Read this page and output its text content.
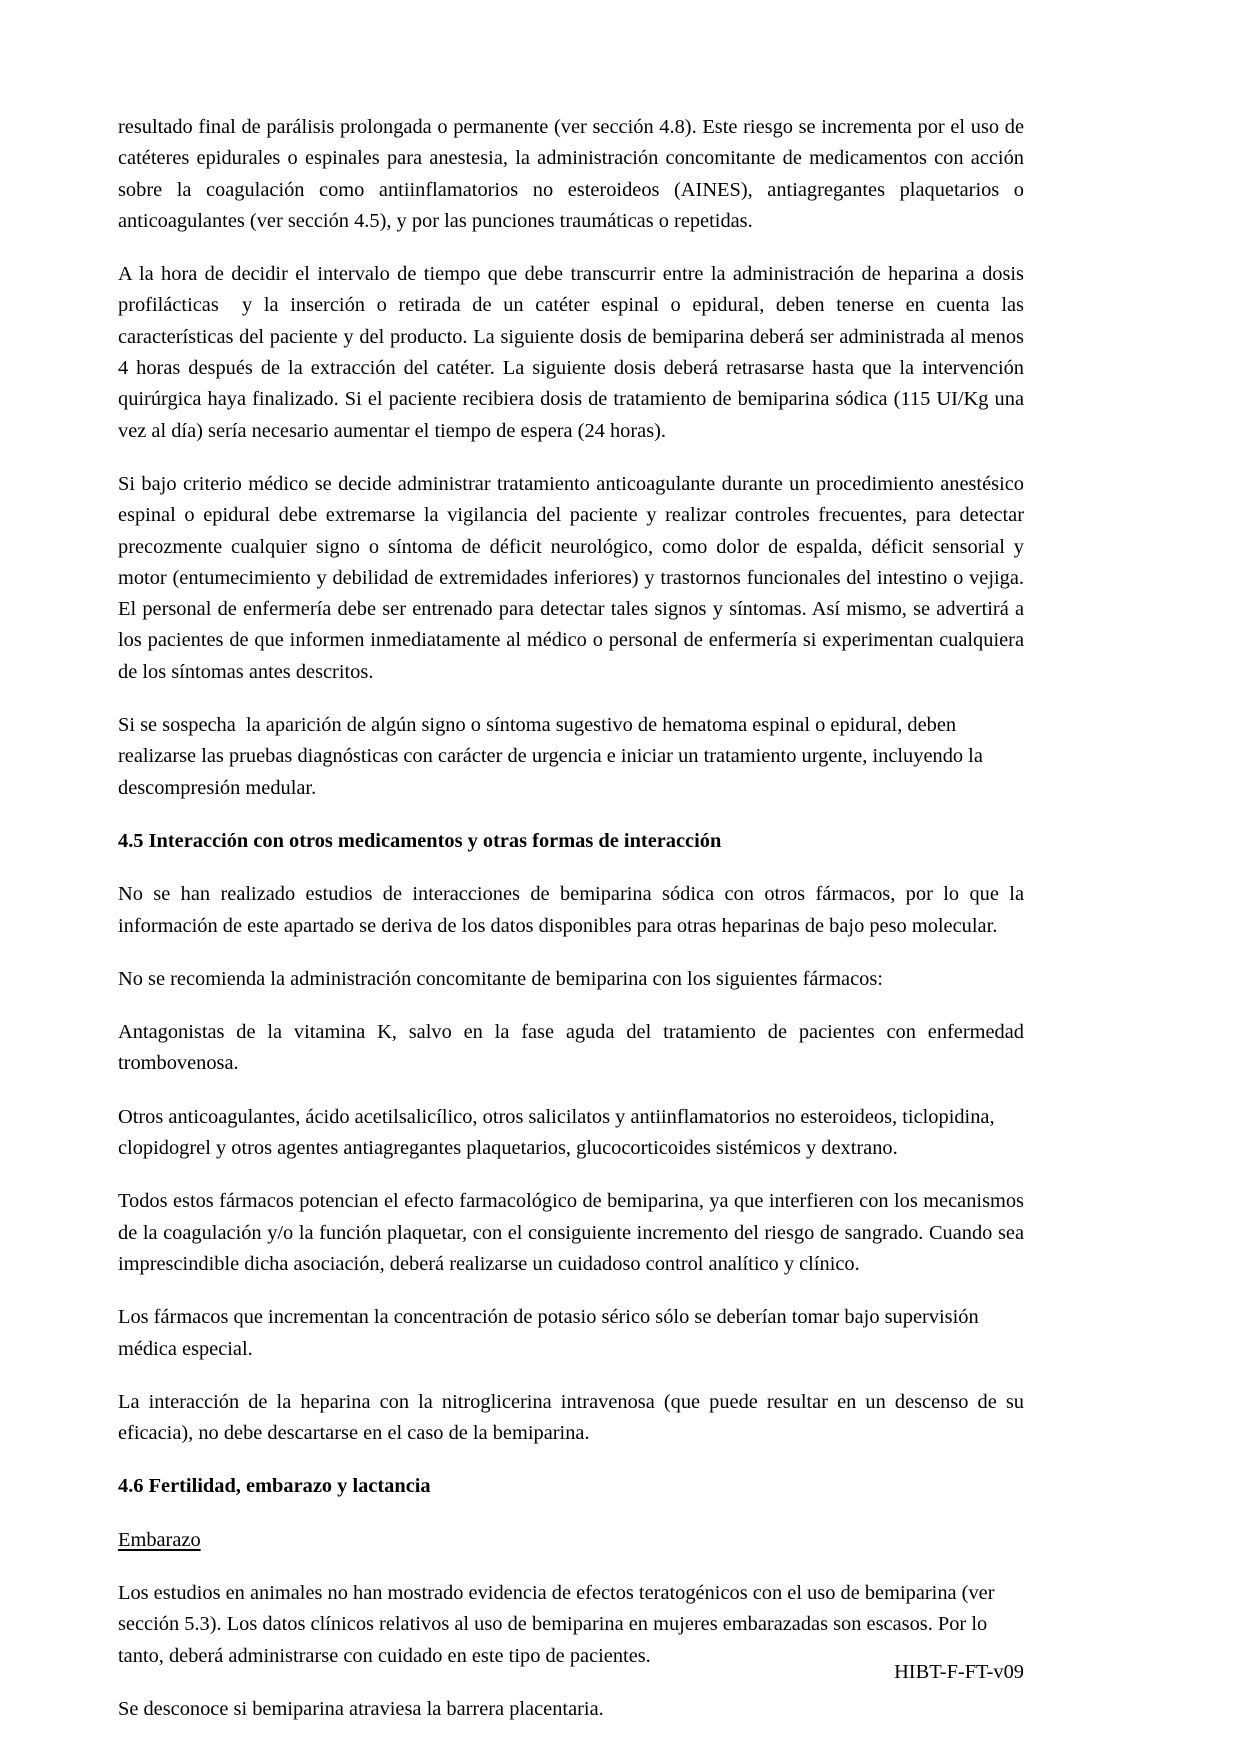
resultado final de parálisis prolongada o permanente (ver sección 4.8). Este riesgo se incrementa por el uso de catéteres epidurales o espinales para anestesia, la administración concomitante de medicamentos con acción sobre la coagulación como antiinflamatorios no esteroideos (AINES), antiagregantes plaquetarios o anticoagulantes (ver sección 4.5), y por las punciones traumáticas o repetidas.

A la hora de decidir el intervalo de tiempo que debe transcurrir entre la administración de heparina a dosis profilácticas  y la inserción o retirada de un catéter espinal o epidural, deben tenerse en cuenta las características del paciente y del producto. La siguiente dosis de bemiparina deberá ser administrada al menos 4 horas después de la extracción del catéter. La siguiente dosis deberá retrasarse hasta que la intervención quirúrgica haya finalizado. Si el paciente recibiera dosis de tratamiento de bemiparina sódica (115 UI/Kg una vez al día) sería necesario aumentar el tiempo de espera (24 horas).

Si bajo criterio médico se decide administrar tratamiento anticoagulante durante un procedimiento anestésico espinal o epidural debe extremarse la vigilancia del paciente y realizar controles frecuentes, para detectar precozmente cualquier signo o síntoma de déficit neurológico, como dolor de espalda, déficit sensorial y motor (entumecimiento y debilidad de extremidades inferiores) y trastornos funcionales del intestino o vejiga. El personal de enfermería debe ser entrenado para detectar tales signos y síntomas. Así mismo, se advertirá a los pacientes de que informen inmediatamente al médico o personal de enfermería si experimentan cualquiera de los síntomas antes descritos.

Si se sospecha  la aparición de algún signo o síntoma sugestivo de hematoma espinal o epidural, deben realizarse las pruebas diagnósticas con carácter de urgencia e iniciar un tratamiento urgente, incluyendo la descompresión medular.

4.5 Interacción con otros medicamentos y otras formas de interacción

No se han realizado estudios de interacciones de bemiparina sódica con otros fármacos, por lo que la información de este apartado se deriva de los datos disponibles para otras heparinas de bajo peso molecular.

No se recomienda la administración concomitante de bemiparina con los siguientes fármacos:

Antagonistas de la vitamina K, salvo en la fase aguda del tratamiento de pacientes con enfermedad trombovenosa.

Otros anticoagulantes, ácido acetilsalicílico, otros salicilatos y antiinflamatorios no esteroideos, ticlopidina, clopidogrel y otros agentes antiagregantes plaquetarios, glucocorticoides sistémicos y dextrano.

Todos estos fármacos potencian el efecto farmacológico de bemiparina, ya que interfieren con los mecanismos de la coagulación y/o la función plaquetar, con el consiguiente incremento del riesgo de sangrado. Cuando sea imprescindible dicha asociación, deberá realizarse un cuidadoso control analítico y clínico.

Los fármacos que incrementan la concentración de potasio sérico sólo se deberían tomar bajo supervisión médica especial.

La interacción de la heparina con la nitroglicerina intravenosa (que puede resultar en un descenso de su eficacia), no debe descartarse en el caso de la bemiparina.

4.6 Fertilidad, embarazo y lactancia
Embarazo

Los estudios en animales no han mostrado evidencia de efectos teratogénicos con el uso de bemiparina (ver sección 5.3). Los datos clínicos relativos al uso de bemiparina en mujeres embarazadas son escasos. Por lo tanto, deberá administrarse con cuidado en este tipo de pacientes.

Se desconoce si bemiparina atraviesa la barrera placentaria.

HIBT-F-FT-v09
